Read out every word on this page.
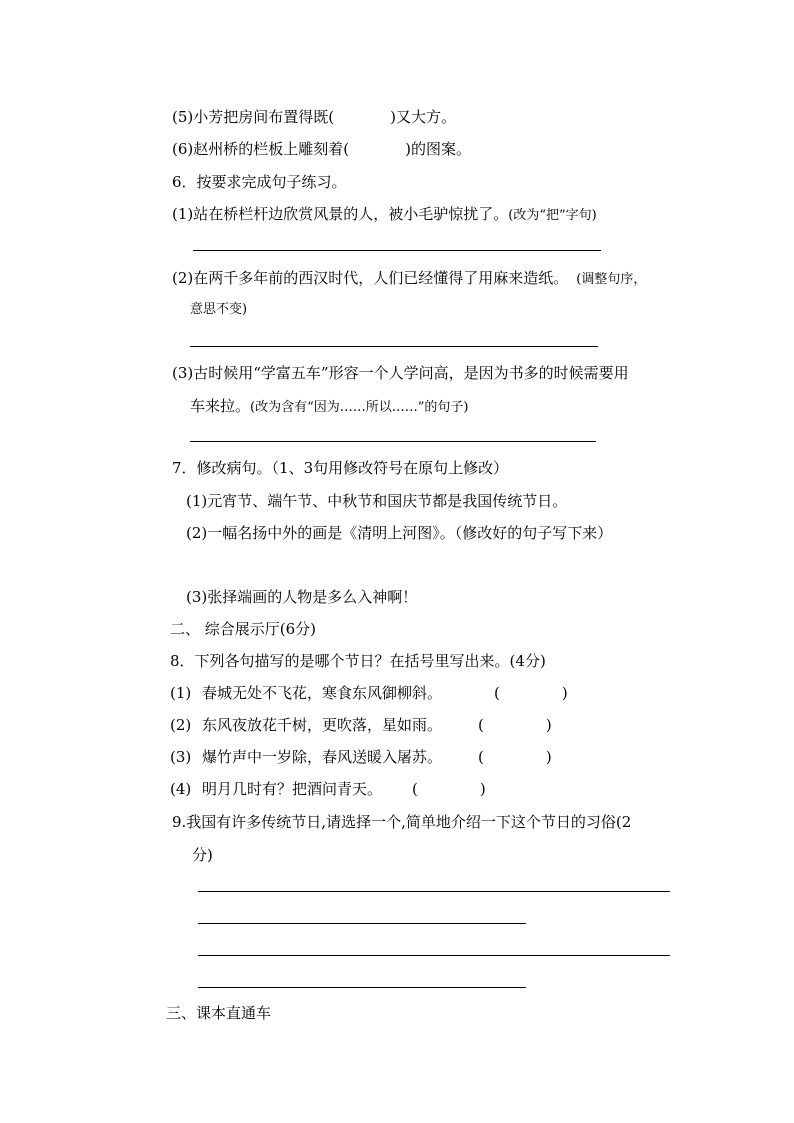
(5)小芳把房间布置得既(	)又大方。
(6)赵州桥的栏板上雕刻着(	)的图案。
6．按要求完成句子练习。
(1)站在桥栏杆边欣赏风景的人，被小毛驴惊扰了。(改为“把”字句)
(2)在两千多年前的西汉时代，人们已经懂得了用麻来造纸。 (调整句序，
意思不变)
(3)古时候用“学富五车”形容一个人学问高，是因为书多的时候需要用
车来拉。(改为含有“因为……所以……”的句子)
7．修改病句。（1、3句用修改符号在原句上修改）
(1)元宵节、端午节、中秋节和国庆节都是我国传统节日。
(2)一幅名扬中外的画是《清明上河图》。（修改好的句子写下来）
(3)张择端画的人物是多么入神啊！
二、 综合展示厅(6分)
8．下列各句描写的是哪个节日？在括号里写出来。(4分)
(1) 春城无处不飞花，寒食东风御柳斜。	(	)
(2) 东风夜放花千树，更吹落，星如雨。 (	)
(3) 爆竹声中一岁除，春风送暖入屠苏。 (	)
(4) 明月几时有？把酒问青天。 (	)
9.我国有许多传统节日,请选择一个,简单地介绍一下这个节日的习俗(2
分)
三、课本直通车
